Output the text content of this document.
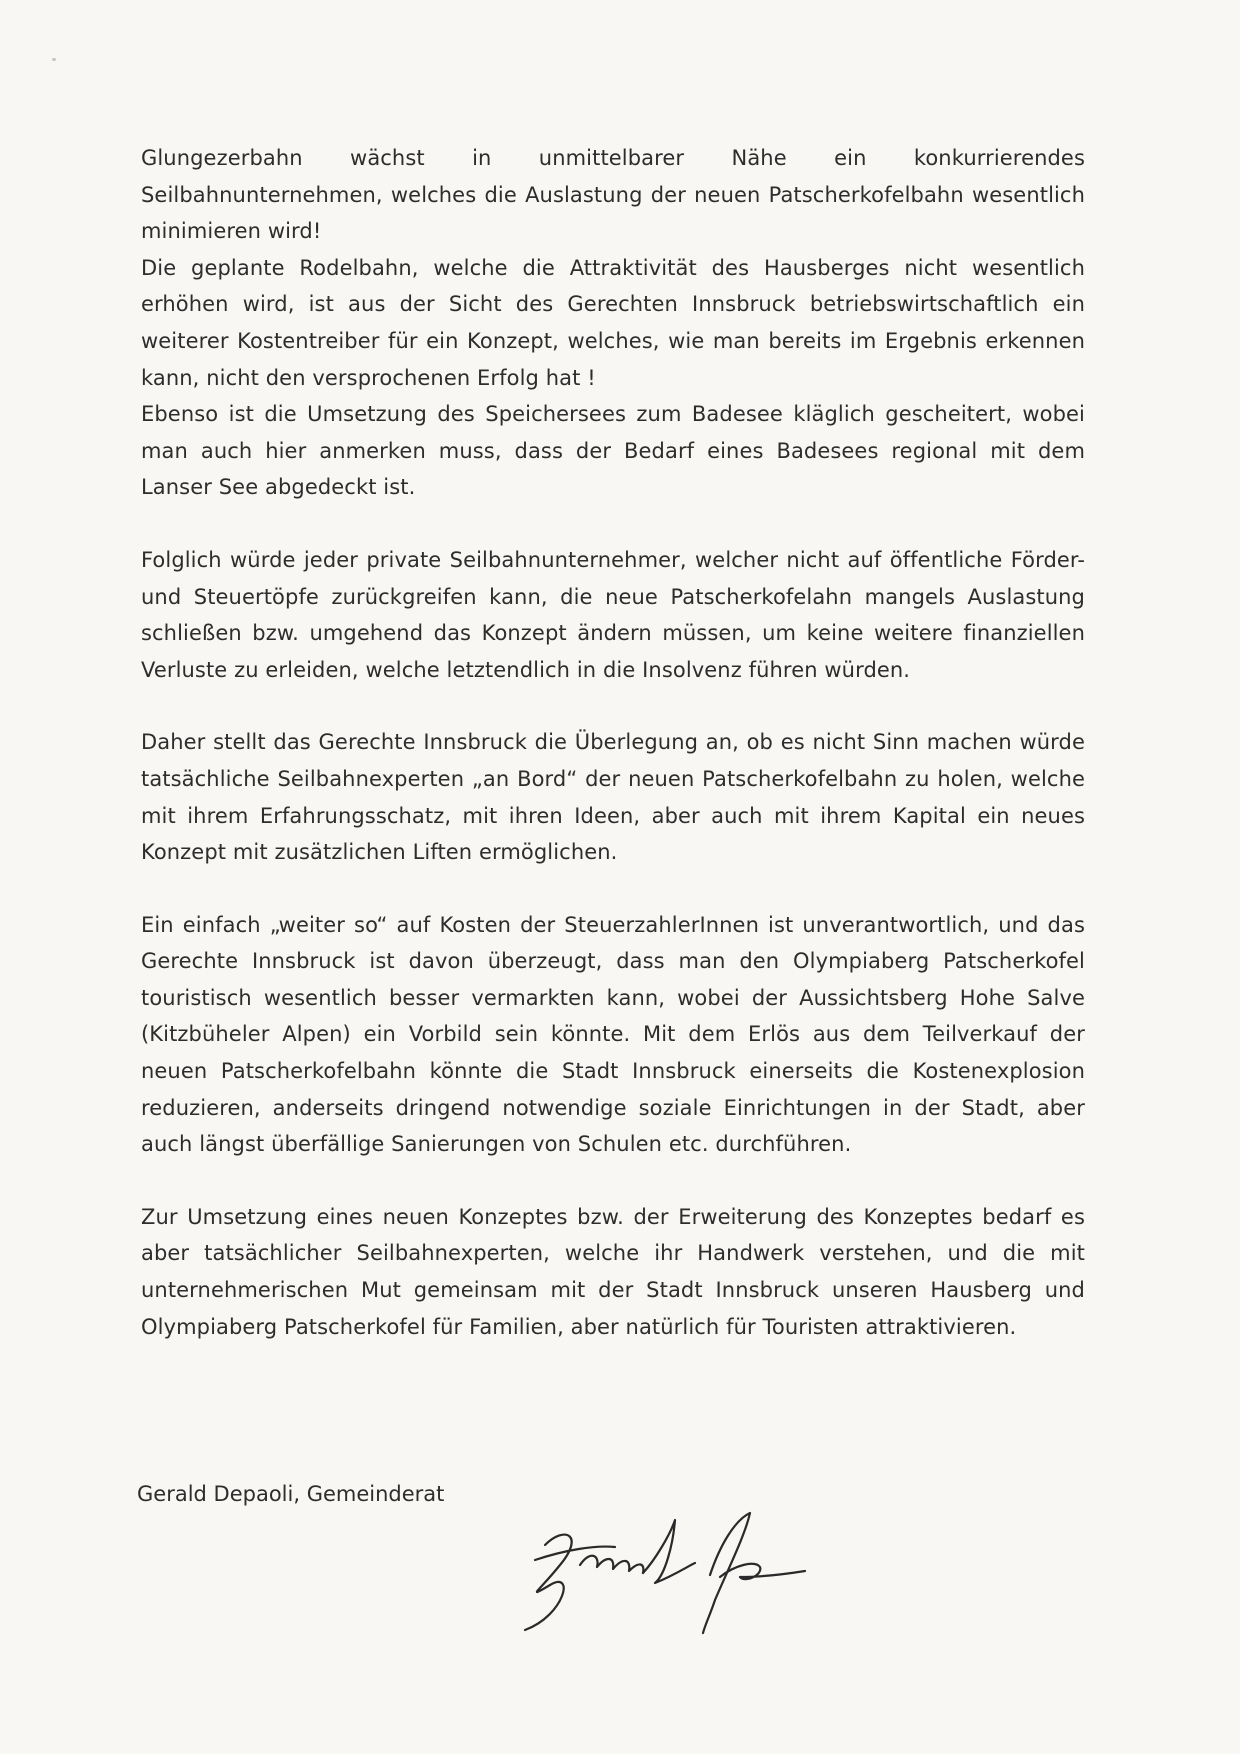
Glungezerbahn wächst in unmittelbarer Nähe ein konkurrierendes Seilbahnunternehmen, welches die Auslastung der neuen Patscherkofelbahn wesentlich minimieren wird!

Die geplante Rodelbahn, welche die Attraktivität des Hausberges nicht wesentlich erhöhen wird, ist aus der Sicht des Gerechten Innsbruck betriebswirtschaftlich ein weiterer Kostentreiber für ein Konzept, welches, wie man bereits im Ergebnis erkennen kann, nicht den versprochenen Erfolg hat !

Ebenso ist die Umsetzung des Speichersees zum Badesee kläglich gescheitert, wobei man auch hier anmerken muss, dass der Bedarf eines Badesees regional mit dem Lanser See abgedeckt ist.

Folglich würde jeder private Seilbahnunternehmer, welcher nicht auf öffentliche Förder- und Steuertöpfe zurückgreifen kann, die neue Patscherkofelahn mangels Auslastung schließen bzw. umgehend das Konzept ändern müssen, um keine weitere finanziellen Verluste zu erleiden, welche letztendlich in die Insolvenz führen würden.

Daher stellt das Gerechte Innsbruck die Überlegung an, ob es nicht Sinn machen würde tatsächliche Seilbahnexperten „an Bord“ der neuen Patscherkofelbahn zu holen, welche mit ihrem Erfahrungsschatz, mit ihren Ideen, aber auch mit ihrem Kapital ein neues Konzept mit zusätzlichen Liften ermöglichen.

Ein einfach „weiter so“ auf Kosten der SteuerzahlerInnen ist unverantwortlich, und das Gerechte Innsbruck ist davon überzeugt, dass man den Olympiaberg Patscherkofel touristisch wesentlich besser vermarkten kann, wobei der Aussichtsberg Hohe Salve (Kitzbüheler Alpen) ein Vorbild sein könnte. Mit dem Erlös aus dem Teilverkauf der neuen Patscherkofelbahn könnte die Stadt Innsbruck einerseits die Kostenexplosion reduzieren, anderseits dringend notwendige soziale Einrichtungen in der Stadt, aber auch längst überfällige Sanierungen von Schulen etc. durchführen.

Zur Umsetzung eines neuen Konzeptes bzw. der Erweiterung des Konzeptes bedarf es aber tatsächlicher Seilbahnexperten, welche ihr Handwerk verstehen, und die mit unternehmerischen Mut gemeinsam mit der Stadt Innsbruck unseren Hausberg und Olympiaberg Patscherkofel für Familien, aber natürlich für Touristen attraktivieren.

Gerald Depaoli, Gemeinderat
